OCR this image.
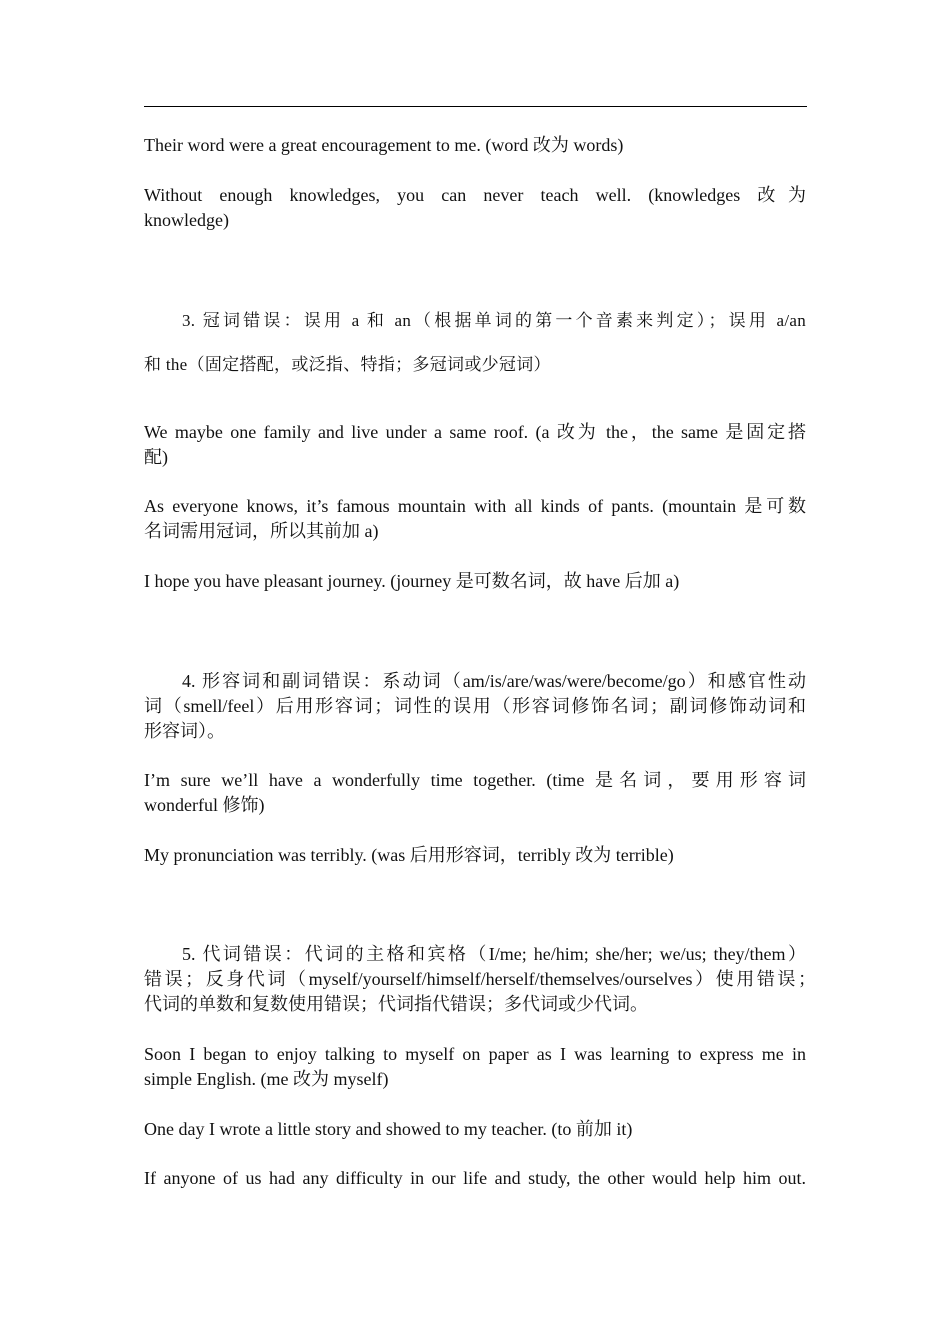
Their word were a great encouragement to me. (word 改为 words)

Without enough knowledges, you can never teach well. (knowledges 改为

knowledge)

3. 冠词错误：误用 a 和 an（根据单词的第一个音素来判定）；误用 a/an

和 the（固定搭配，或泛指、特指；多冠词或少冠词）

We maybe one family and live under a same roof. (a 改为 the，the same 是固定搭

配)

As everyone knows, it’s famous mountain with all kinds of pants. (mountain 是可数

名词需用冠词，所以其前加 a)

I hope you have pleasant journey. (journey 是可数名词，故 have 后加 a)

4. 形容词和副词错误：系动词（am/is/are/was/were/become/go）和感官性动

词（smell/feel）后用形容词；词性的误用（形容词修饰名词；副词修饰动词和

形容词）。

I’m sure we’ll have a wonderfully time together. (time 是名词，要用形容词

wonderful 修饰)

My pronunciation was terribly. (was 后用形容词，terribly 改为 terrible)

5. 代词错误：代词的主格和宾格（I/me; he/him; she/her; we/us; they/them）

错误；反身代词（myself/yourself/himself/herself/themselves/ourselves）使用错误；

代词的单数和复数使用错误；代词指代错误；多代词或少代词。

Soon I began to enjoy talking to myself on paper as I was learning to express me in

simple English. (me 改为 myself)

One day I wrote a little story and showed to my teacher. (to 前加 it)

If anyone of us had any difficulty in our life and study, the other would help him out.
